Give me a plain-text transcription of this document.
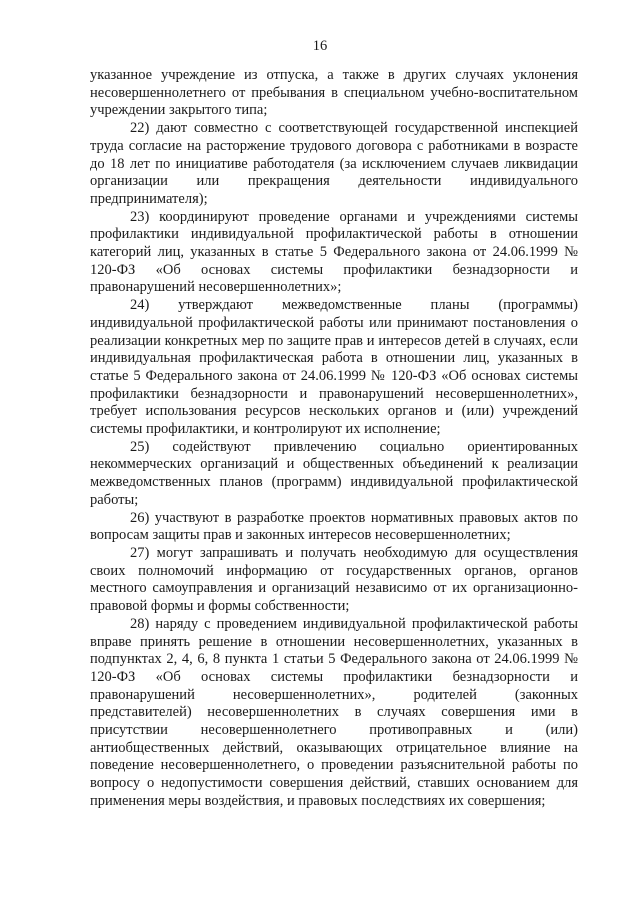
16

указанное учреждение из отпуска, а также в других случаях уклонения несовершеннолетнего от пребывания в специальном учебно-воспитательном учреждении закрытого типа;

22) дают совместно с соответствующей государственной инспекцией труда согласие на расторжение трудового договора с работниками в возрасте до 18 лет по инициативе работодателя (за исключением случаев ликвидации организации или прекращения деятельности индивидуального предпринимателя);

23) координируют проведение органами и учреждениями системы профилактики индивидуальной профилактической работы в отношении категорий лиц, указанных в статье 5 Федерального закона от 24.06.1999 № 120-ФЗ «Об основах системы профилактики безнадзорности и правонарушений несовершеннолетних»;

24) утверждают межведомственные планы (программы) индивидуальной профилактической работы или принимают постановления о реализации конкретных мер по защите прав и интересов детей в случаях, если индивидуальная профилактическая работа в отношении лиц, указанных в статье 5 Федерального закона от 24.06.1999 № 120-ФЗ «Об основах системы профилактики безнадзорности и правонарушений несовершеннолетних», требует использования ресурсов нескольких органов и (или) учреждений системы профилактики, и контролируют их исполнение;

25) содействуют привлечению социально ориентированных некоммерческих организаций и общественных объединений к реализации межведомственных планов (программ) индивидуальной профилактической работы;

26) участвуют в разработке проектов нормативных правовых актов по вопросам защиты прав и законных интересов несовершеннолетних;

27) могут запрашивать и получать необходимую для осуществления своих полномочий информацию от государственных органов, органов местного самоуправления и организаций независимо от их организационно-правовой формы и формы собственности;

28) наряду с проведением индивидуальной профилактической работы вправе принять решение в отношении несовершеннолетних, указанных в подпунктах 2, 4, 6, 8 пункта 1 статьи 5 Федерального закона от 24.06.1999 № 120-ФЗ «Об основах системы профилактики безнадзорности и правонарушений несовершеннолетних», родителей (законных представителей) несовершеннолетних в случаях совершения ими в присутствии несовершеннолетнего противоправных и (или) антиобщественных действий, оказывающих отрицательное влияние на поведение несовершеннолетнего, о проведении разъяснительной работы по вопросу о недопустимости совершения действий, ставших основанием для применения меры воздействия, и правовых последствиях их совершения;
